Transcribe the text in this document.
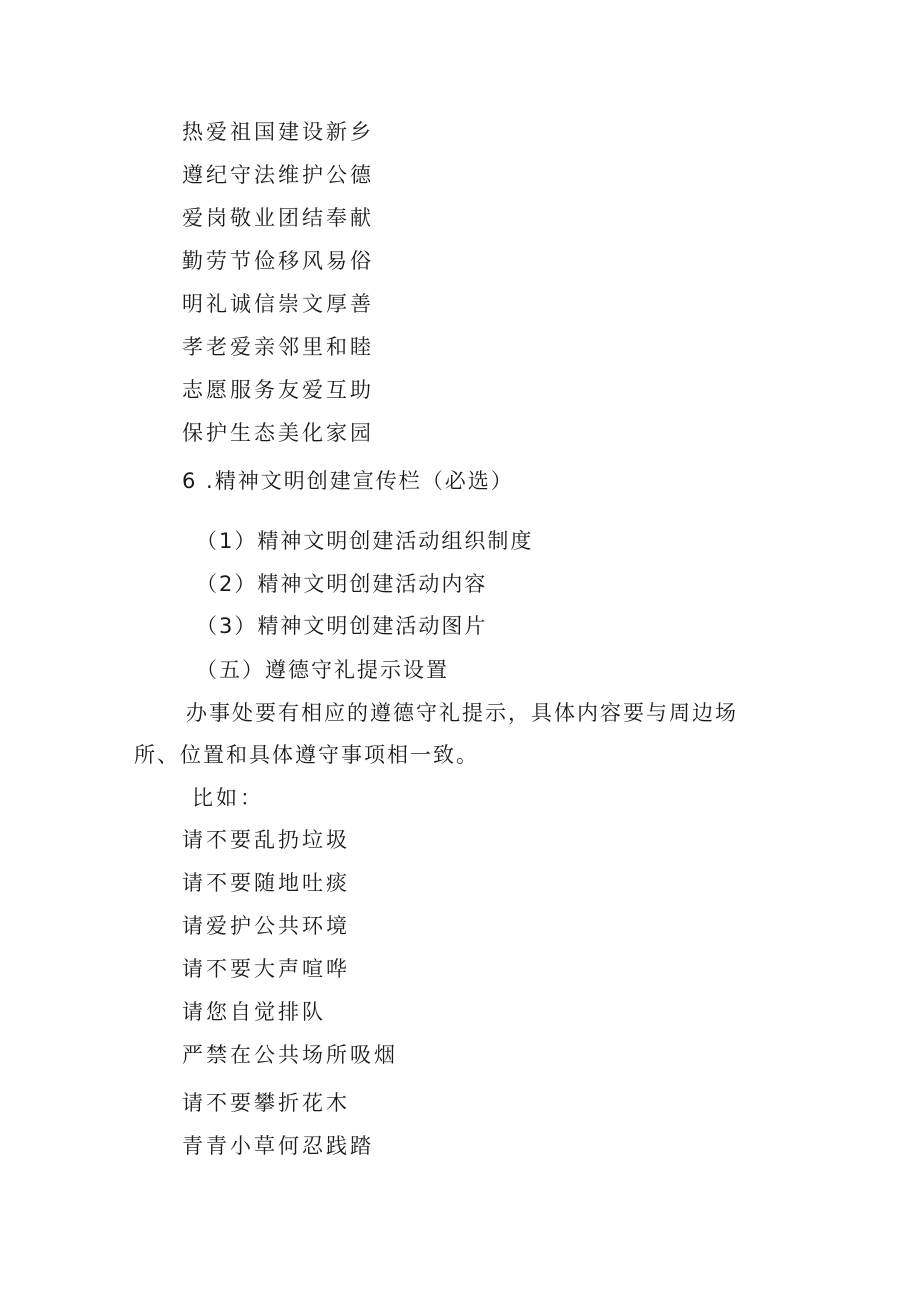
热爱祖国建设新乡
遵纪守法维护公德
爱岗敬业团结奉献
勤劳节俭移风易俗
明礼诚信崇文厚善
孝老爱亲邻里和睦
志愿服务友爱互助
保护生态美化家园
6 .精神文明创建宣传栏（必选）
（1）精神文明创建活动组织制度
（2）精神文明创建活动内容
（3）精神文明创建活动图片
（五）遵德守礼提示设置
办事处要有相应的遵德守礼提示，具体内容要与周边场
所、位置和具体遵守事项相一致。
比如：
请不要乱扔垃圾
请不要随地吐痰
请爱护公共环境
请不要大声喧哗
请您自觉排队
严禁在公共场所吸烟
请不要攀折花木
青青小草何忍践踏
